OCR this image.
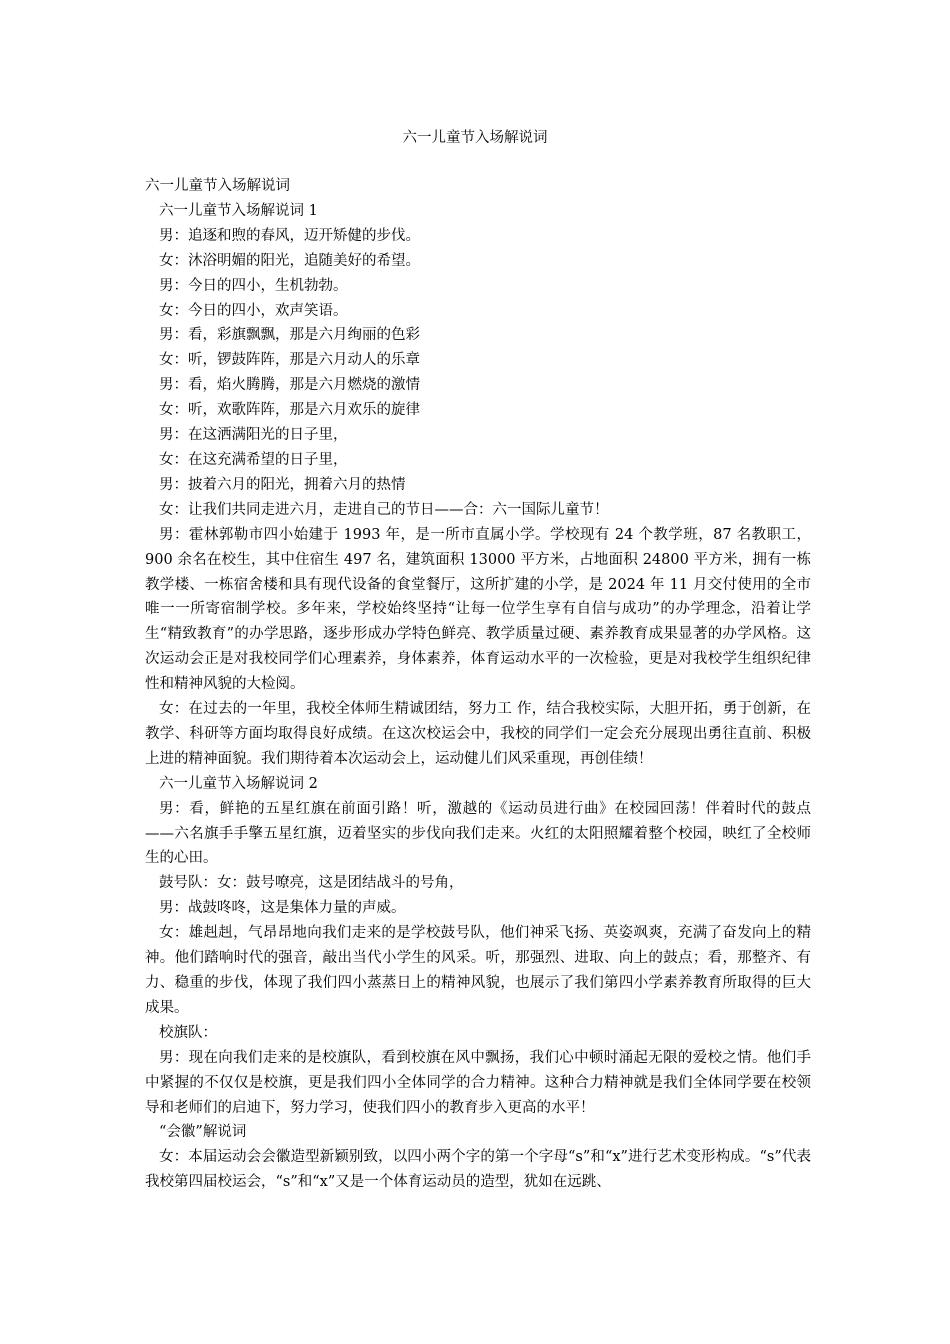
六一儿童节入场解说词

六一儿童节入场解说词

六一儿童节入场解说词 1

男：追逐和煦的春风，迈开矫健的步伐。

女：沐浴明媚的阳光，追随美好的希望。

男：今日的四小，生机勃勃。

女：今日的四小，欢声笑语。

男：看，彩旗飘飘，那是六月绚丽的色彩

女：听，锣鼓阵阵，那是六月动人的乐章

男：看，焰火腾腾，那是六月燃烧的激情

女：听，欢歌阵阵，那是六月欢乐的旋律

男：在这洒满阳光的日子里，

女：在这充满希望的日子里，

男：披着六月的阳光，拥着六月的热情

女：让我们共同走进六月，走进自己的节日——合：六一国际儿童节！

男：霍林郭勒市四小始建于 1993 年，是一所市直属小学。学校现有 24 个教学班，87 名教职工，900 余名在校生，其中住宿生 497 名，建筑面积 13000 平方米，占地面积 24800 平方米，拥有一栋教学楼、一栋宿舍楼和具有现代设备的食堂餐厅，这所扩建的小学，是 2024 年 11 月交付使用的全市唯一一所寄宿制学校。多年来，学校始终坚持“让每一位学生享有自信与成功”的办学理念，沿着让学生“精致教育”的办学思路，逐步形成办学特色鲜亮、教学质量过硬、素养教育成果显著的办学风格。这次运动会正是对我校同学们心理素养，身体素养，体育运动水平的一次检验，更是对我校学生组织纪律性和精神风貌的大检阅。

女：在过去的一年里，我校全体师生精诚团结，努力工 作，结合我校实际，大胆开拓，勇于创新，在教学、科研等方面均取得良好成绩。在这次校运会中，我校的同学们一定会充分展现出勇往直前、积极上进的精神面貌。我们期待着本次运动会上，运动健儿们风采重现，再创佳绩！

六一儿童节入场解说词 2

男：看，鲜艳的五星红旗在前面引路！听，激越的《运动员进行曲》在校园回荡！伴着时代的鼓点——六名旗手手擎五星红旗，迈着坚实的步伐向我们走来。火红的太阳照耀着整个校园，映红了全校师生的心田。

鼓号队：女：鼓号嘹亮，这是团结战斗的号角，

男：战鼓咚咚，这是集体力量的声威。

女：雄赳赳，气昂昂地向我们走来的是学校鼓号队，他们神采飞扬、英姿飒爽，充满了奋发向上的精神。他们踏响时代的强音，敲出当代小学生的风采。听，那强烈、进取、向上的鼓点；看，那整齐、有力、稳重的步伐，体现了我们四小蒸蒸日上的精神风貌，也展示了我们第四小学素养教育所取得的巨大成果。

校旗队：

男：现在向我们走来的是校旗队，看到校旗在风中飘扬，我们心中顿时涌起无限的爱校之情。他们手中紧握的不仅仅是校旗，更是我们四小全体同学的合力精神。这种合力精神就是我们全体同学要在校领导和老师们的启迪下，努力学习，使我们四小的教育步入更高的水平！

“会徽”解说词

女：本届运动会会徽造型新颖别致，以四小两个字的第一个字母“s”和“x”进行艺术变形构成。“s”代表我校第四届校运会，“s”和“x”又是一个体育运动员的造型，犹如在远跳、
